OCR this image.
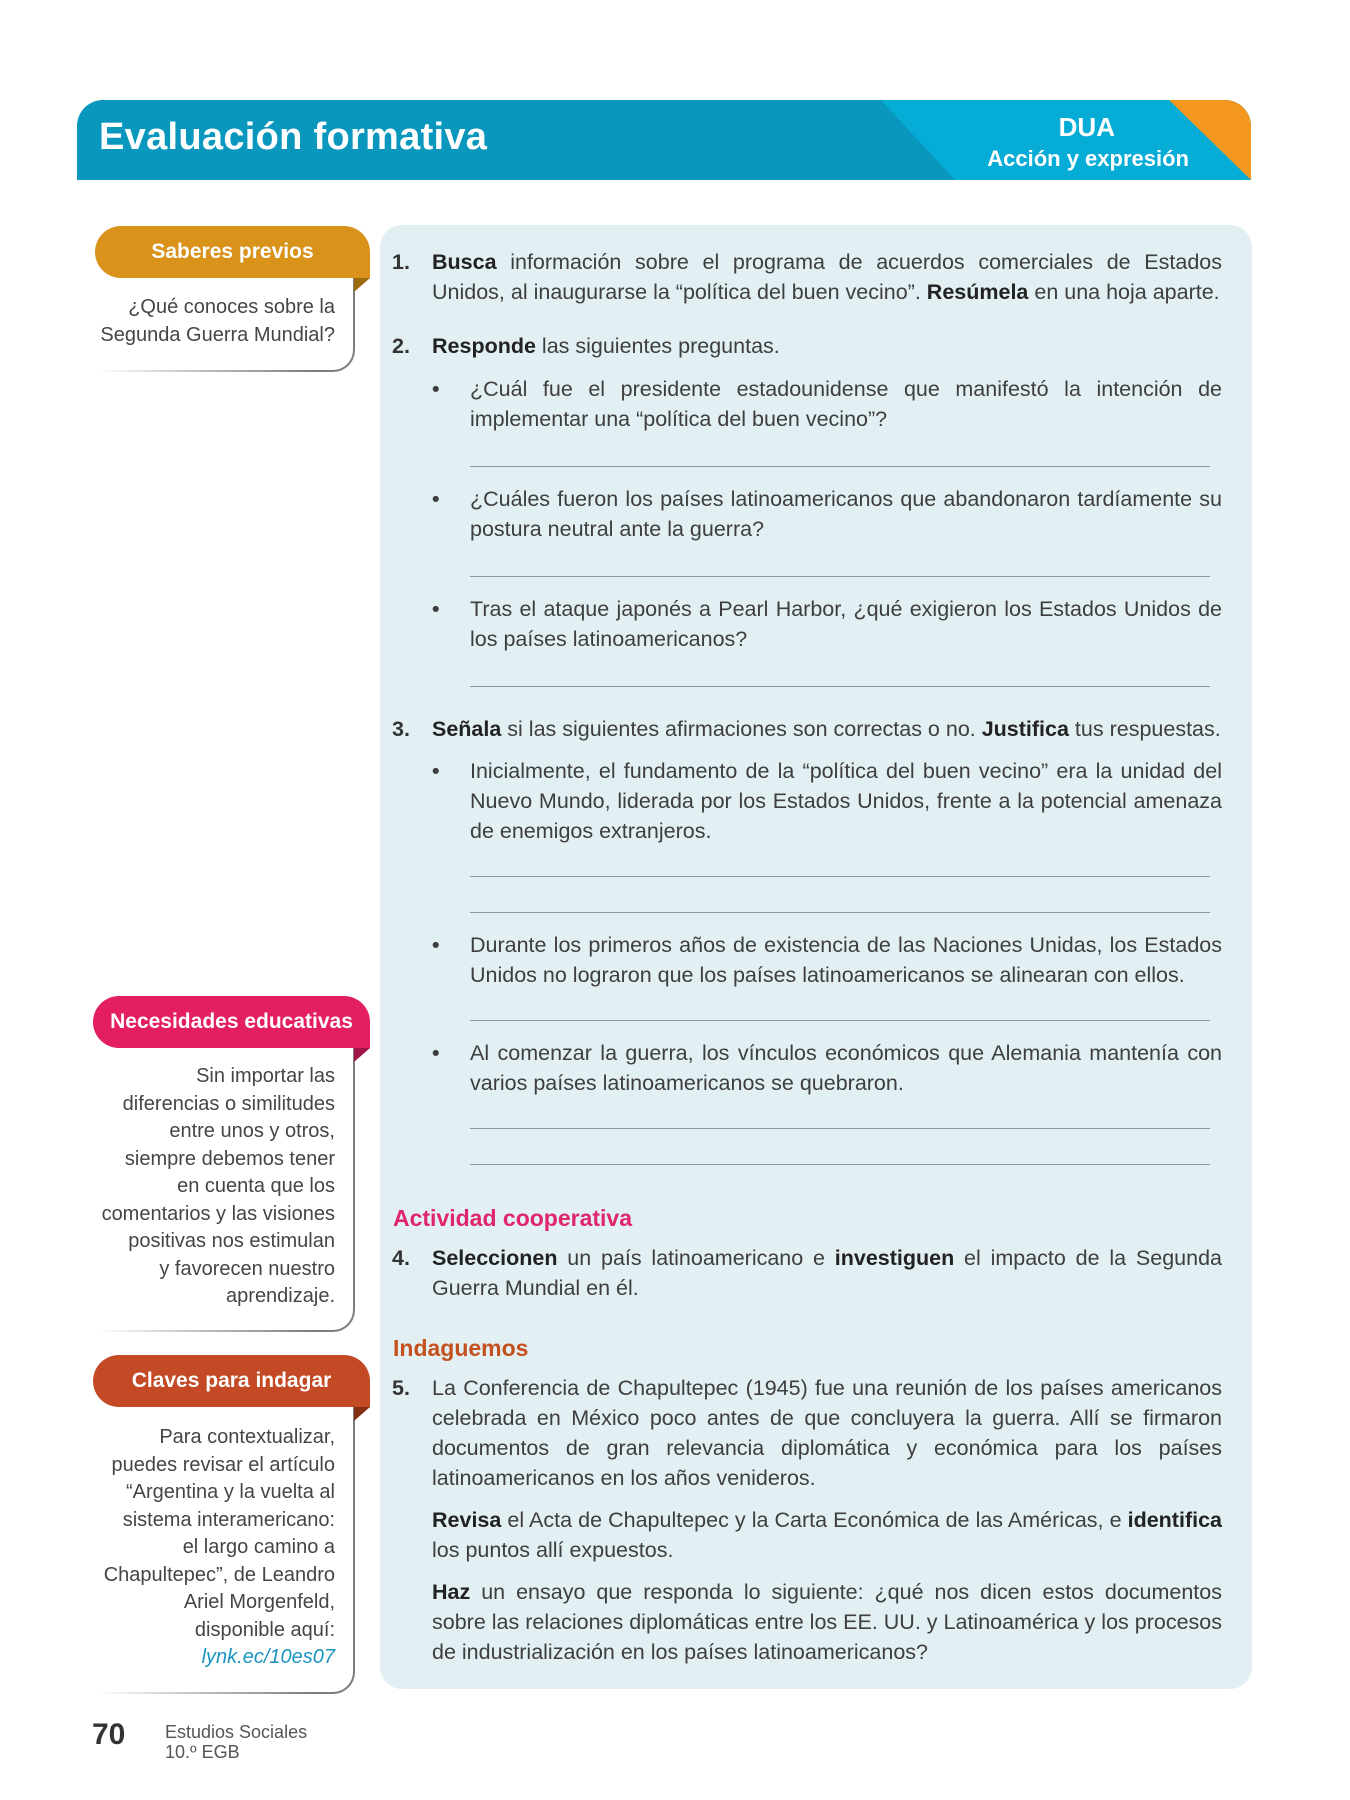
Evaluación formativa	DUA
Acción y expresión
Saberes previos
¿Qué conoces sobre la
Segunda Guerra Mundial?
Necesidades educativas
Sin importar las
diferencias o similitudes
entre unos y otros,
siempre debemos tener
en cuenta que los
comentarios y las visiones
positivas nos estimulan
y favorecen nuestro
aprendizaje.
Claves para indagar
Para contextualizar,
puedes revisar el artículo
“Argentina y la vuelta al
sistema interamericano:
el largo camino a
Chapultepec”, de Leandro
Ariel Morgenfeld,
disponible aquí:
lynk.ec/10es07
1. Busca información sobre el programa de acuerdos comerciales de Estados Unidos, al inaugurarse la “política del buen vecino”. Resúmela en una hoja aparte.
2. Responde las siguientes preguntas.
• ¿Cuál fue el presidente estadounidense que manifestó la intención de implementar una “política del buen vecino”?
• ¿Cuáles fueron los países latinoamericanos que abandonaron tardíamente su postura neutral ante la guerra?
• Tras el ataque japonés a Pearl Harbor, ¿qué exigieron los Estados Unidos de los países latinoamericanos?
3. Señala si las siguientes afirmaciones son correctas o no. Justifica tus respuestas.
• Inicialmente, el fundamento de la “política del buen vecino” era la unidad del Nuevo Mundo, liderada por los Estados Unidos, frente a la potencial amenaza de enemigos extranjeros.
• Durante los primeros años de existencia de las Naciones Unidas, los Estados Unidos no lograron que los países latinoamericanos se alinearan con ellos.
• Al comenzar la guerra, los vínculos económicos que Alemania mantenía con varios países latinoamericanos se quebraron.
Actividad cooperativa
4. Seleccionen un país latinoamericano e investiguen el impacto de la Segunda Guerra Mundial en él.
Indaguemos
5. La Conferencia de Chapultepec (1945) fue una reunión de los países americanos celebrada en México poco antes de que concluyera la guerra. Allí se firmaron documentos de gran relevancia diplomática y económica para los países latinoamericanos en los años venideros.
Revisa el Acta de Chapultepec y la Carta Económica de las Américas, e identifica los puntos allí expuestos.
Haz un ensayo que responda lo siguiente: ¿qué nos dicen estos documentos sobre las relaciones diplomáticas entre los EE. UU. y Latinoamérica y los procesos de industrialización en los países latinoamericanos?
70 Estudios Sociales
10.º EGB
